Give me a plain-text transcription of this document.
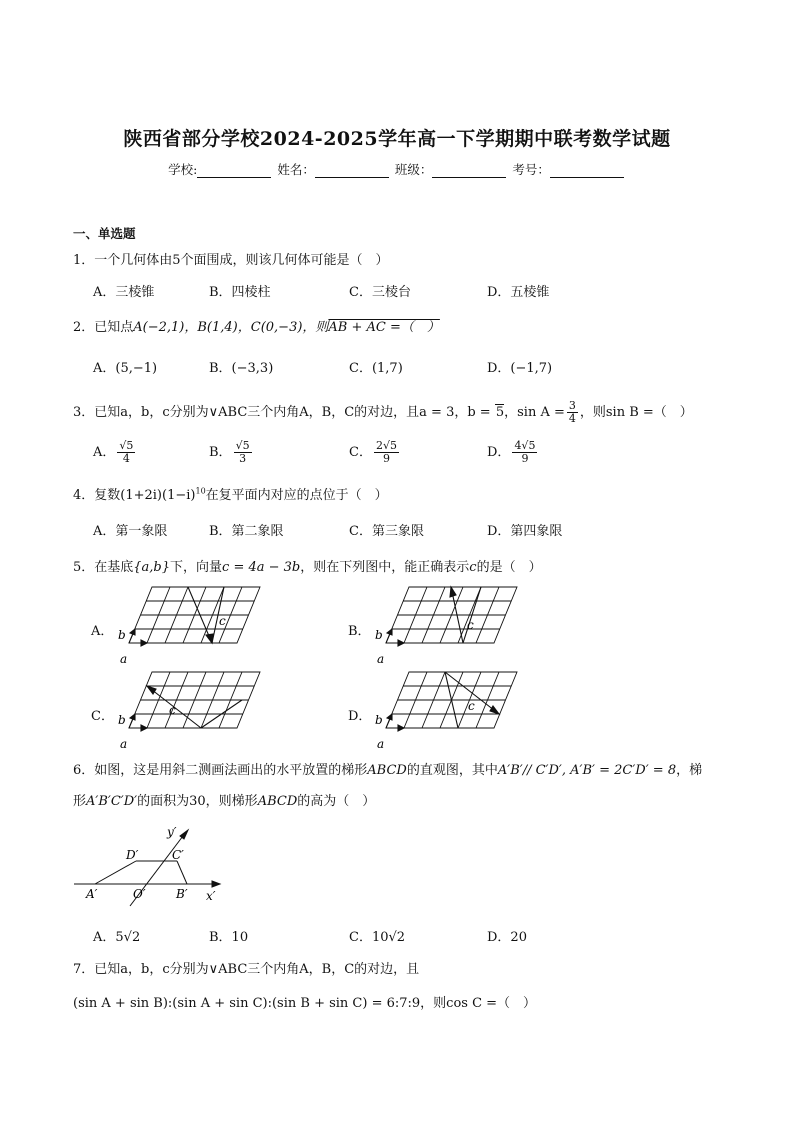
陕西省部分学校2024-2025学年高一下学期期中联考数学试题
学校:	姓名：	班级：	考号：
一、单选题
1．一个几何体由5个面围成，则该几何体可能是（　）
A．三棱锥	B．四棱柱	C．三棱台	D．五棱锥
2．已知点A(−2,1)，B(1,4)，C(0,−3)，则AB + AC =（　）
A．(5,−1)	B．(−3,3)	C．(1,7)	D．(−1,7)
3．已知a，b，c分别为∨ABC三个内角A，B，C的对边，且a = 3，b = 5，$\sin A = \frac{3}{4}$ ，则sin B =（　）
A． $\frac{√5}{4}$	B． $\frac{√5}{3}$	C． $\frac{2√5}{9}$	D． $\frac{4√5}{9}$
4．复数$(1+2i)(1-i)^{10}$在复平面内对应的点位于（　）
A．第一象限	B．第二象限	C．第三象限	D．第四象限
5．在基底{a,b}下，向量c = 4a − 3b，则在下列图中，能正确表示c的是（　）
A．
c
b
a
B．	c
b
a
C．	c
b
a
D．
c
b
a
6．如图，这是用斜二测画法画出的水平放置的梯形ABCD的直观图，其中A′B′// C′D′, A′B′ = 2C′D′ = 8，梯
形A′B′C′D′的面积为30，则梯形ABCD的高为（　）
y′
D′	C′
A′	O′	B′ x′
A．5√2	B．10	C．10√2	D．20
7．已知a，b，c分别为∨ABC三个内角A，B，C的对边，且
(sin A + sin B):(sin A + sin C):(sin B + sin C) = 6:7:9，则cos C =（　）
